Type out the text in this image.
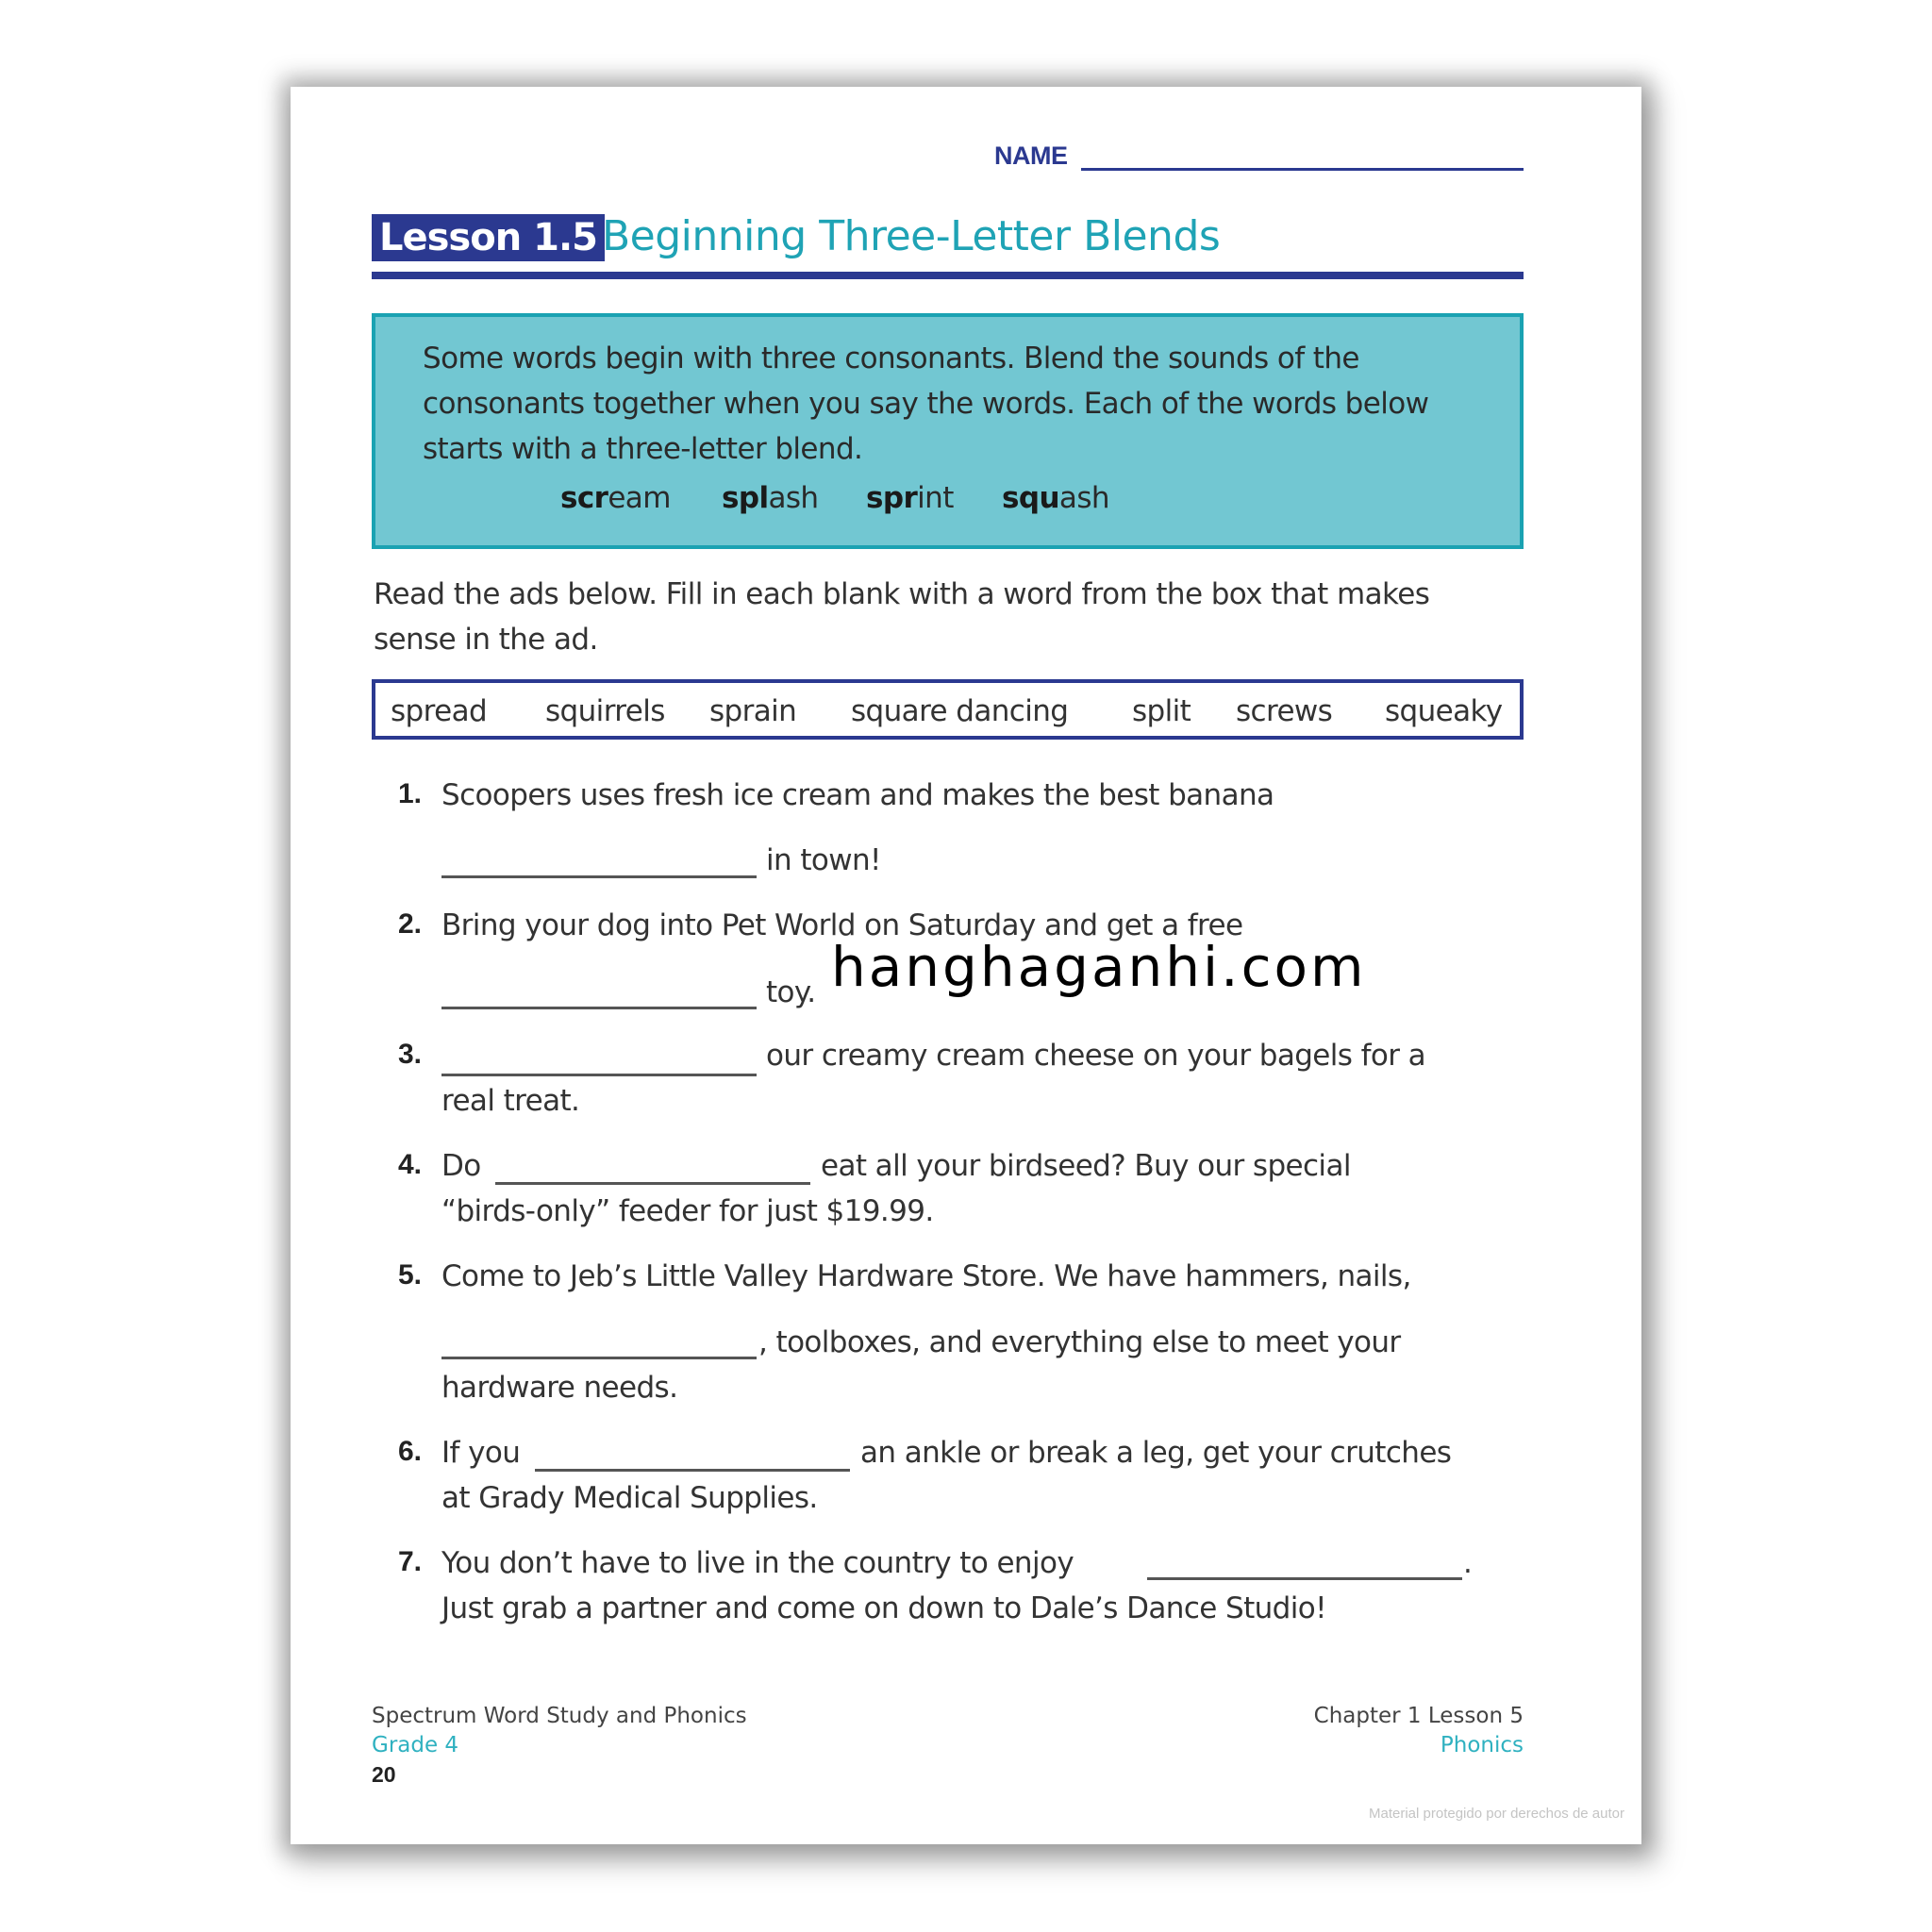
NAME
Lesson 1.5 Beginning Three-Letter Blends
Some words begin with three consonants. Blend the sounds of the consonants together when you say the words. Each of the words below starts with a three-letter blend.
scream splash sprint squash
Read the ads below. Fill in each blank with a word from the box that makes sense in the ad.
spread squirrels sprain square dancing split screws squeaky
1. Scoopers uses fresh ice cream and makes the best banana
in town!
2. Bring your dog into Pet World on Saturday and get a free
toy.
3.	our creamy cream cheese on your bagels for a
real treat.
4. Do	eat all your birdseed? Buy our special
“birds-only” feeder for just $19.99.
5. Come to Jeb’s Little Valley Hardware Store. We have hammers, nails,
, toolboxes, and everything else to meet your
hardware needs.
6. If you	an ankle or break a leg, get your crutches
at Grady Medical Supplies.
7. You don’t have to live in the country to enjoy	.
Just grab a partner and come on down to Dale’s Dance Studio!
hanghaganhi.com
Spectrum Word Study and Phonics
Grade 4
20
Chapter 1 Lesson 5
Phonics
Material protegido por derechos de autor
